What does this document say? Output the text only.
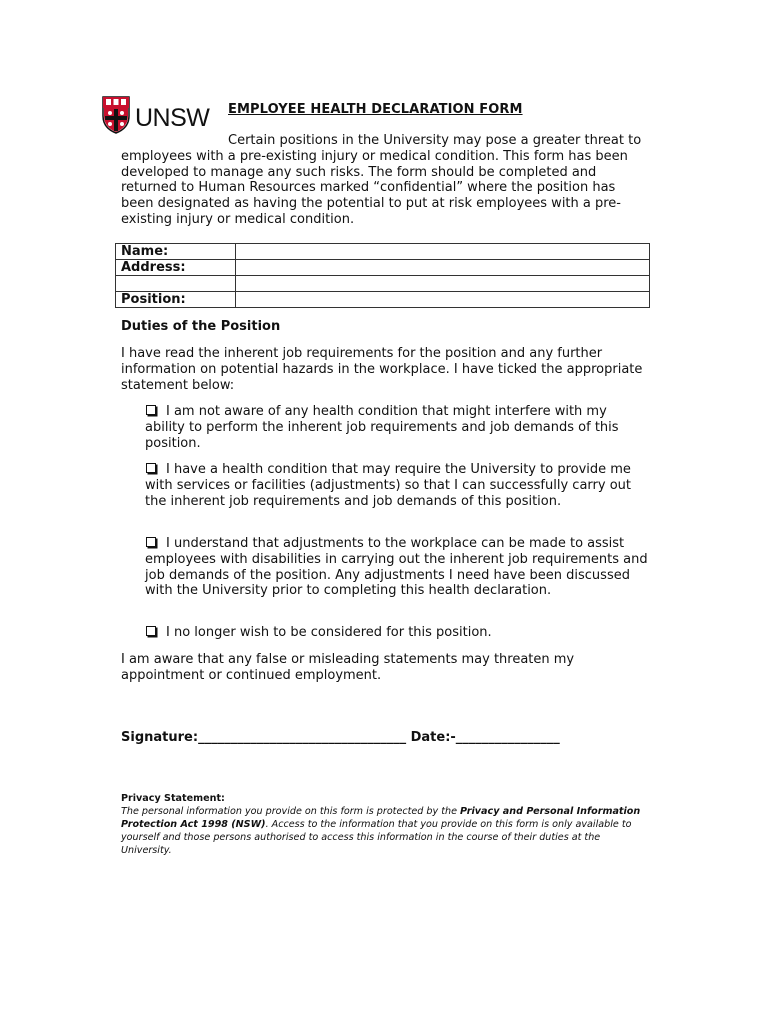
UNSW EMPLOYEE HEALTH DECLARATION FORM
Certain positions in the University may pose a greater threat to employees with a pre-existing injury or medical condition. This form has been developed to manage any such risks. The form should be completed and returned to Human Resources marked “confidential” where the position has been designated as having the potential to put at risk employees with a pre-existing injury or medical condition.
Name:	
Address:	

Position:	
Duties of the Position
I have read the inherent job requirements for the position and any further information on potential hazards in the workplace. I have ticked the appropriate statement below:
I am not aware of any health condition that might interfere with my ability to perform the inherent job requirements and job demands of this position.
I have a health condition that may require the University to provide me with services or facilities (adjustments) so that I can successfully carry out the inherent job requirements and job demands of this position.
I understand that adjustments to the workplace can be made to assist employees with disabilities in carrying out the inherent job requirements and job demands of the position. Any adjustments I need have been discussed with the University prior to completing this health declaration.
I no longer wish to be considered for this position.
I am aware that any false or misleading statements may threaten my appointment or continued employment.
Signature:________________________________ Date:-________________
Privacy Statement:
The personal information you provide on this form is protected by the Privacy and Personal Information Protection Act 1998 (NSW). Access to the information that you provide on this form is only available to yourself and those persons authorised to access this information in the course of their duties at the University.
